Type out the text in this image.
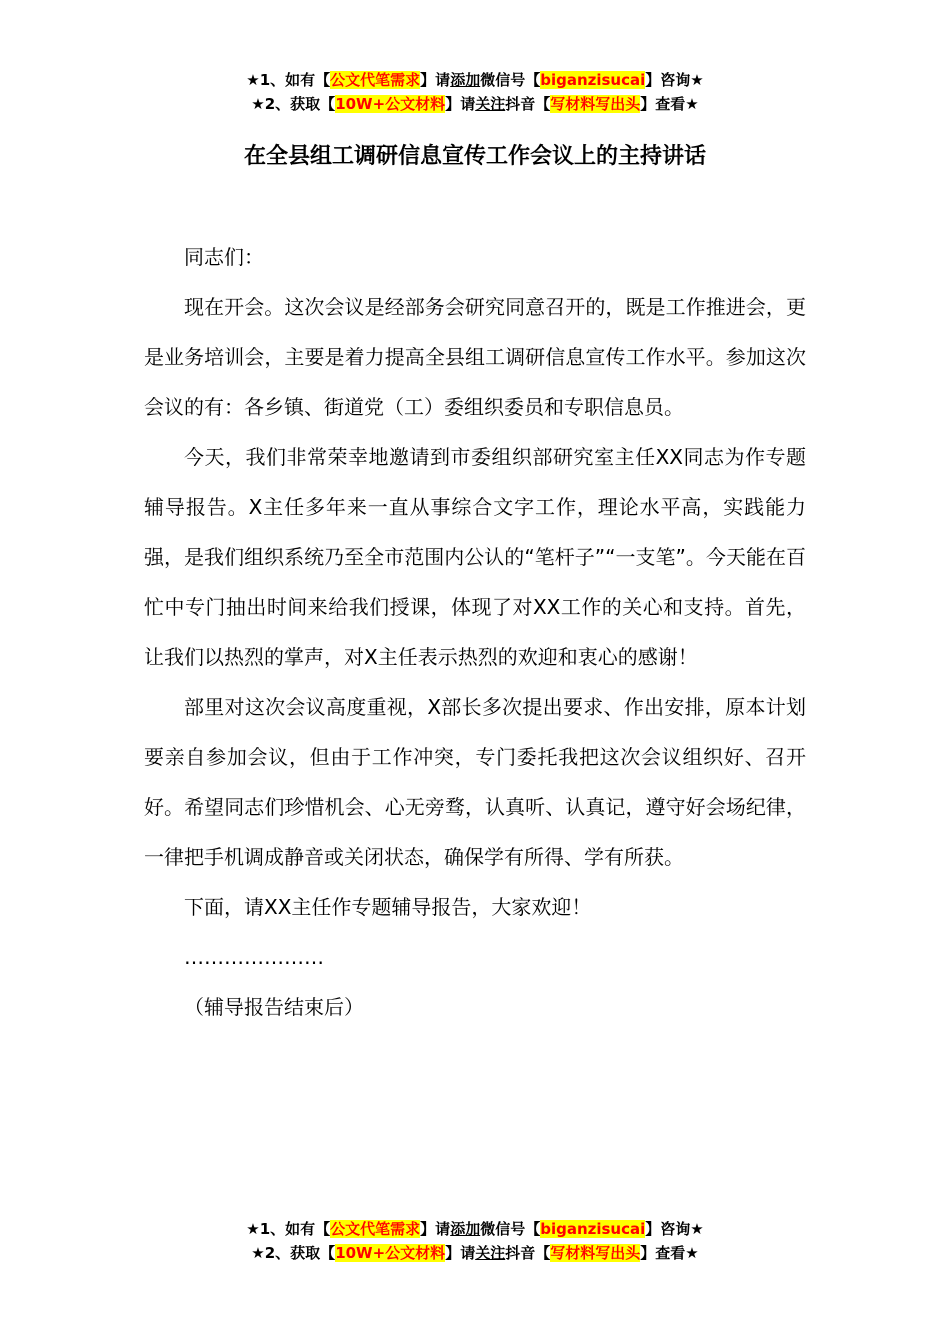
★1、如有【公文代笔需求】请添加微信号【biganzisucai】咨询★
★2、获取【10W+公文材料】请关注抖音【写材料写出头】查看★
在全县组工调研信息宣传工作会议上的主持讲话

同志们：

现在开会。这次会议是经部务会研究同意召开的，既是工作推进会，更是业务培训会，主要是着力提高全县组工调研信息宣传工作水平。参加这次会议的有：各乡镇、街道党（工）委组织委员和专职信息员。

今天，我们非常荣幸地邀请到市委组织部研究室主任XX同志为作专题辅导报告。X主任多年来一直从事综合文字工作，理论水平高，实践能力强，是我们组织系统乃至全市范围内公认的“笔杆子”“一支笔”。今天能在百忙中专门抽出时间来给我们授课，体现了对XX工作的关心和支持。首先，让我们以热烈的掌声，对X主任表示热烈的欢迎和衷心的感谢！

部里对这次会议高度重视，X部长多次提出要求、作出安排，原本计划要亲自参加会议，但由于工作冲突，专门委托我把这次会议组织好、召开好。希望同志们珍惜机会、心无旁骛，认真听、认真记，遵守好会场纪律，一律把手机调成静音或关闭状态，确保学有所得、学有所获。

下面，请XX主任作专题辅导报告，大家欢迎！

…………………

（辅导报告结束后）

★1、如有【公文代笔需求】请添加微信号【biganzisucai】咨询★
★2、获取【10W+公文材料】请关注抖音【写材料写出头】查看★
